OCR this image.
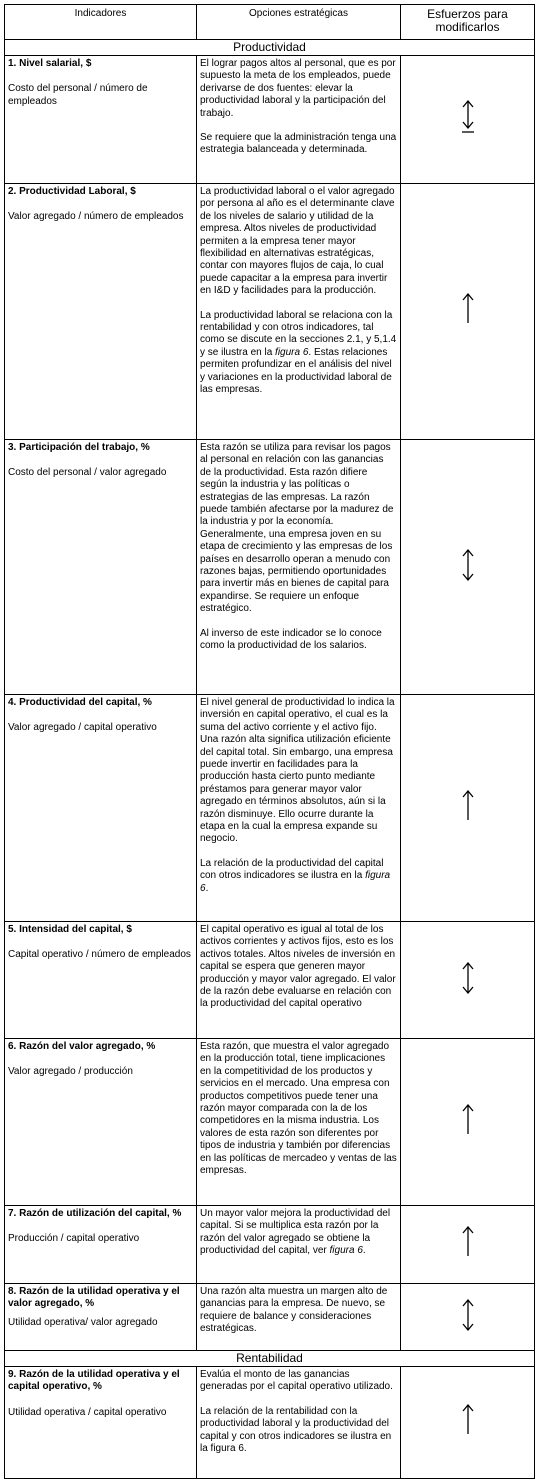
Indicadores	Opciones estratégicas	Esfuerzos para modificarlos
Productividad		

1. Nivel salarial, $
Costo del personal / número de empleados	El lograr pagos altos al personal, que es por supuesto la meta de los empleados, puede derivarse de dos fuentes: elevar la productividad laboral y la participación del trabajo.
Se requiere que la administración tenga una estrategia balanceada y determinada.

2. Productividad Laboral, $
Valor agregado / número de empleados	La productividad laboral o el valor agregado por persona al año es el determinante clave de los niveles de salario y utilidad de la empresa. Altos niveles de productividad permiten a la empresa tener mayor flexibilidad en alternativas estratégicas, contar con mayores flujos de caja, lo cual puede capacitar a la empresa para invertir en I&D y facilidades para la producción.
La productividad laboral se relaciona con la rentabilidad y con otros indicadores, tal como se discute en la secciones 2.1, y 5,1.4 y se ilustra en la figura 6. Estas relaciones permiten profundizar en el análisis del nivel y variaciones en la productividad laboral de las empresas.

3. Participación del trabajo, %
Costo del personal / valor agregado	Esta razón se utiliza para revisar los pagos al personal en relación con las ganancias de la productividad. Esta razón difiere según la industria y las políticas o estrategias de las empresas. La razón puede también afectarse por la madurez de la industria y por la economía. Generalmente, una empresa joven en su etapa de crecimiento y las empresas de los países en desarrollo operan a menudo con razones bajas, permitiendo oportunidades para invertir más en bienes de capital para expandirse. Se requiere un enfoque estratégico.
Al inverso de este indicador se lo conoce como la productividad de los salarios.

4. Productividad del capital, %
Valor agregado / capital operativo	El nivel general de productividad lo indica la inversión en capital operativo, el cual es la suma del activo corriente y el activo fijo. Una razón alta significa utilización eficiente del capital total. Sin embargo, una empresa puede invertir en facilidades para la producción hasta cierto punto mediante préstamos para generar mayor valor agregado en términos absolutos, aún si la razón disminuye. Ello ocurre durante la etapa en la cual la empresa expande su negocio.
La relación de la productividad del capital con otros indicadores se ilustra en la figura 6.

5. Intensidad del capital, $
Capital operativo / número de empleados	El capital operativo es igual al total de los activos corrientes y activos fijos, esto es los activos totales. Altos niveles de inversión en capital se espera que generen mayor producción y mayor valor agregado. El valor de la razón debe evaluarse en relación con la productividad del capital operativo

6. Razón del valor agregado, %
Valor agregado / producción	Esta razón, que muestra el valor agregado en la producción total, tiene implicaciones en la competitividad de los productos y servicios en el mercado. Una empresa con productos competitivos puede tener una razón mayor comparada con la de los competidores en la misma industria. Los valores de esta razón son diferentes por tipos de industria y también por diferencias en las políticas de mercadeo y ventas de las empresas.

7. Razón de utilización del capital, %
Producción / capital operativo	Un mayor valor mejora la productividad del capital. Si se multiplica esta razón por la razón del valor agregado se obtiene la productividad del capital, ver figura 6.

8. Razón de la utilidad operativa y el valor agregado, %
Utilidad operativa/ valor agregado	Una razón alta muestra un margen alto de ganancias para la empresa. De nuevo, se requiere de balance y consideraciones estratégicas.

Rentabilidad		

9. Razón de la utilidad operativa y el capital operativo, %
Utilidad operativa / capital operativo	Evalúa el monto de las ganancias generadas por el capital operativo utilizado.
La relación de la rentabilidad con la productividad laboral y la productividad del capital y con otros indicadores se ilustra en la figura 6.
